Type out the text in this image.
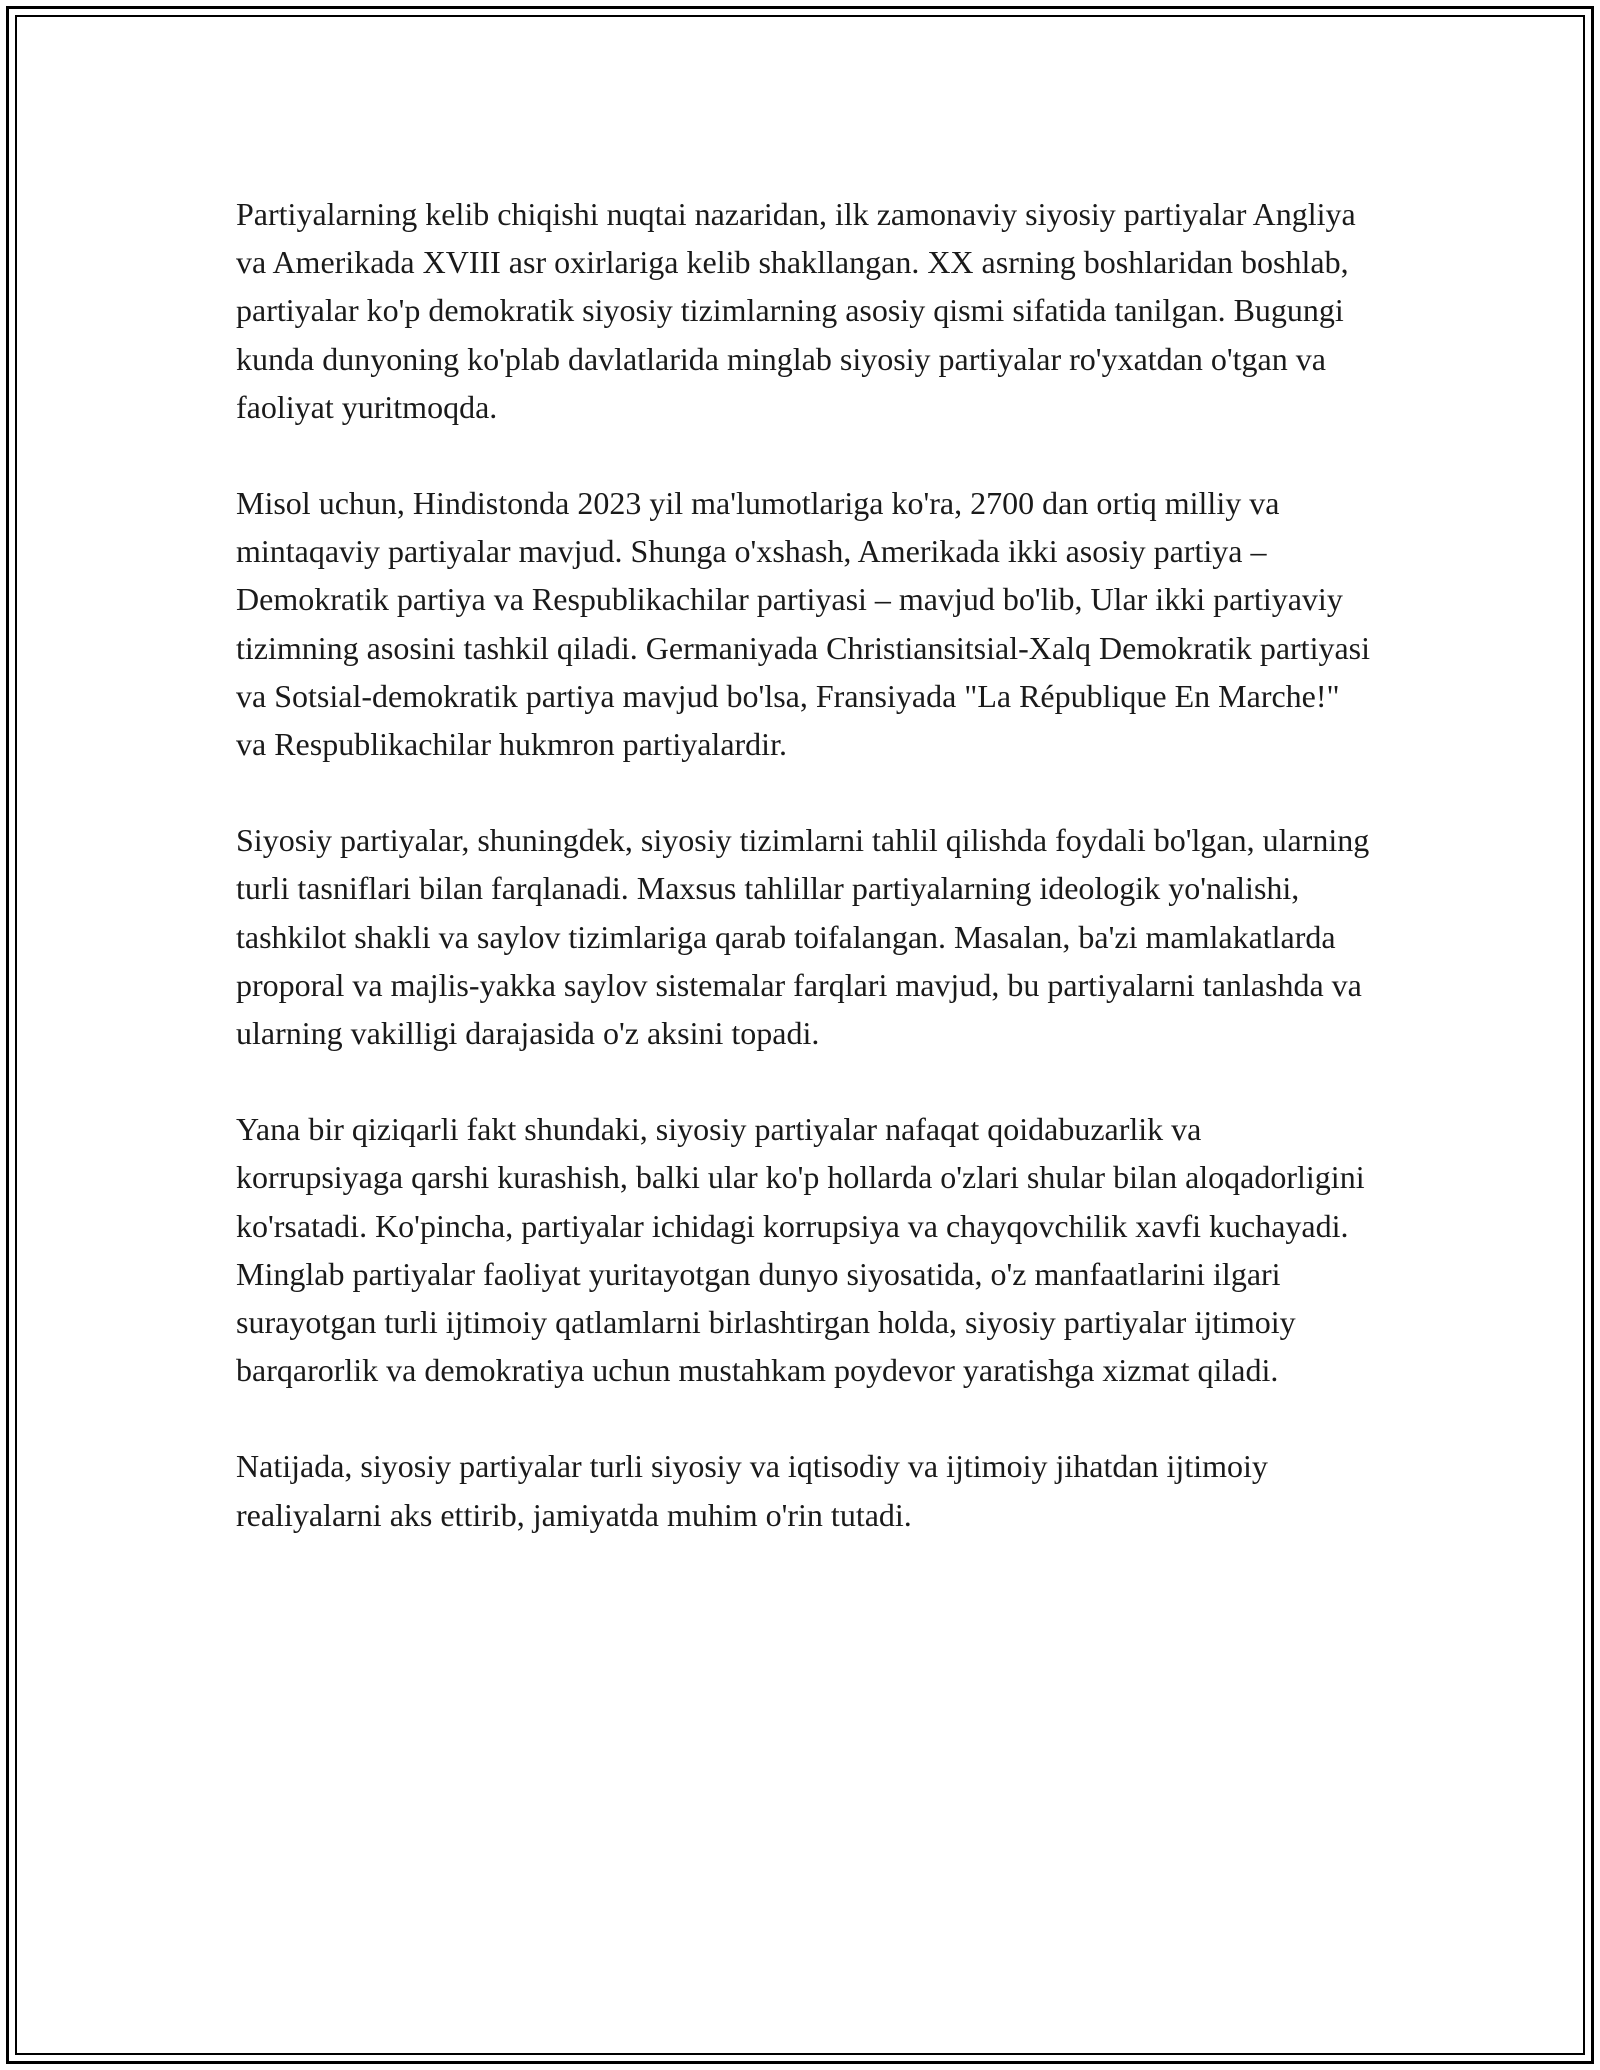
Partiyalarning kelib chiqishi nuqtai nazaridan, ilk zamonaviy siyosiy partiyalar Angliya va Amerikada XVIII asr oxirlariga kelib shakllangan. XX asrning boshlaridan boshlab, partiyalar ko'p demokratik siyosiy tizimlarning asosiy qismi sifatida tanilgan. Bugungi kunda dunyoning ko'plab davlatlarida minglab siyosiy partiyalar ro'yxatdan o'tgan va faoliyat yuritmoqda.

Misol uchun, Hindistonda 2023 yil ma'lumotlariga ko'ra, 2700 dan ortiq milliy va mintaqaviy partiyalar mavjud. Shunga o'xshash, Amerikada ikki asosiy partiya – Demokratik partiya va Respublikachilar partiyasi – mavjud bo'lib, Ular ikki partiyaviy tizimning asosini tashkil qiladi. Germaniyada Christiansitsial-Xalq Demokratik partiyasi va Sotsial-demokratik partiya mavjud bo'lsa, Fransiyada "La République En Marche!" va Respublikachilar hukmron partiyalardir.

Siyosiy partiyalar, shuningdek, siyosiy tizimlarni tahlil qilishda foydali bo'lgan, ularning turli tasniflari bilan farqlanadi. Maxsus tahlillar partiyalarning ideologik yo'nalishi, tashkilot shakli va saylov tizimlariga qarab toifalangan. Masalan, ba'zi mamlakatlarda proporal va majlis-yakka saylov sistemalar farqlari mavjud, bu partiyalarni tanlashda va ularning vakilligi darajasida o'z aksini topadi.

Yana bir qiziqarli fakt shundaki, siyosiy partiyalar nafaqat qoidabuzarlik va korrupsiyaga qarshi kurashish, balki ular ko'p hollarda o'zlari shular bilan aloqadorligini ko'rsatadi. Ko'pincha, partiyalar ichidagi korrupsiya va chayqovchilik xavfi kuchayadi. Minglab partiyalar faoliyat yuritayotgan dunyo siyosatida, o'z manfaatlarini ilgari surayotgan turli ijtimoiy qatlamlarni birlashtirgan holda, siyosiy partiyalar ijtimoiy barqarorlik va demokratiya uchun mustahkam poydevor yaratishga xizmat qiladi.

Natijada, siyosiy partiyalar turli siyosiy va iqtisodiy va ijtimoiy jihatdan ijtimoiy realiyalarni aks ettirib, jamiyatda muhim o'rin tutadi.
